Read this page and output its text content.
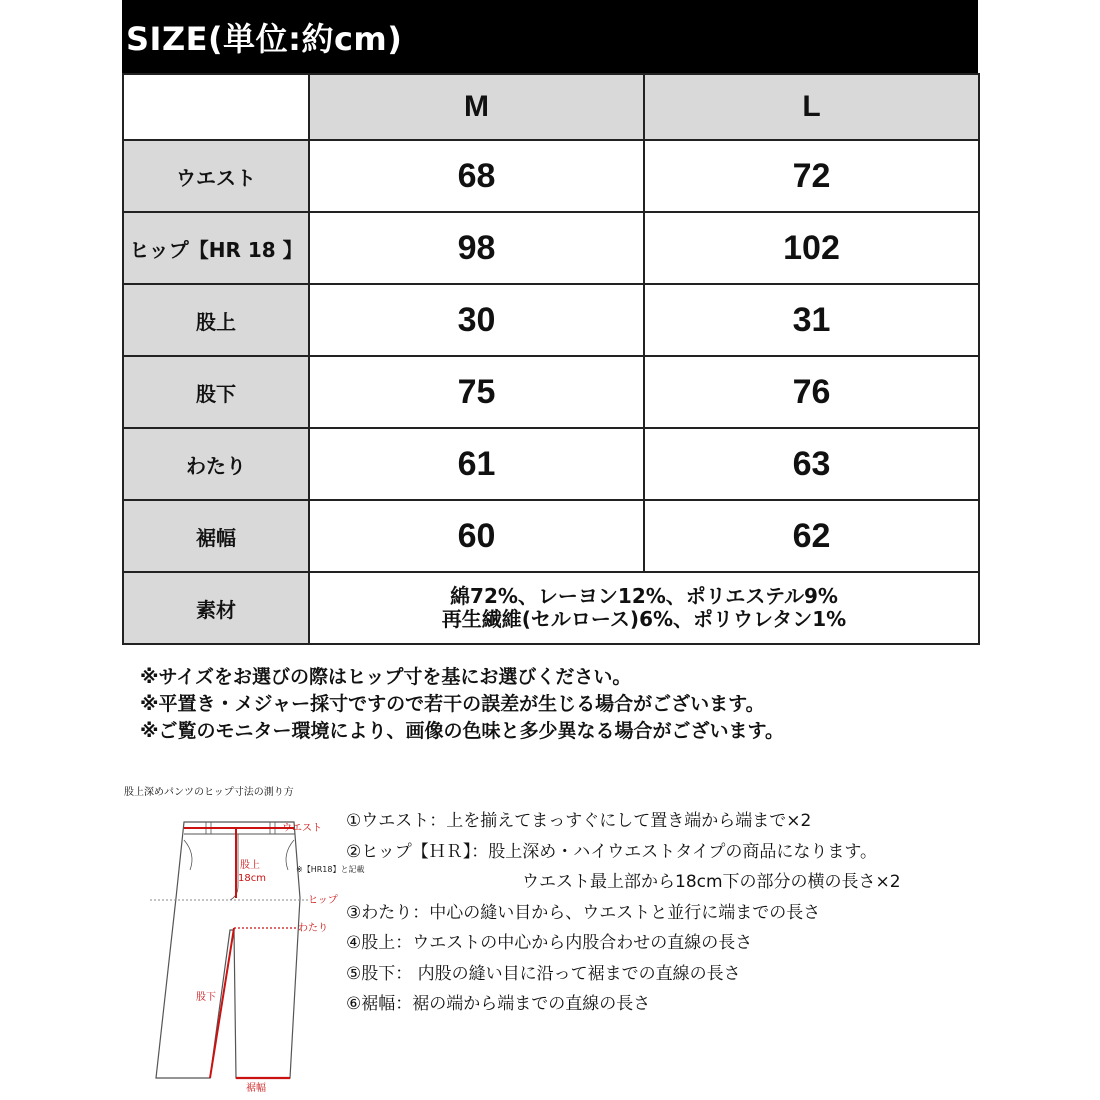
SIZE(単位:約cm)
	M	L
ウエスト	68	72
ヒップ【HR 18 】	98	102
股上	30	31
股下	75	76
わたり	61	63
裾幅	60	62
素材	綿72%、レーヨン12%、ポリエステル9%
再生繊維(セルロース)6%、ポリウレタン1%	
※サイズをお選びの際はヒップ寸を基にお選びください。
※平置き・メジャー採寸ですので若干の誤差が生じる場合がございます。
※ご覧のモニター環境により、画像の色味と多少異なる場合がございます。
股上深めパンツのヒップ寸法の測り方
ウエスト
股上
18cm
※【HR18】と記載
ヒップ
わたり
股下
裾幅
①ウエスト：上を揃えてまっすぐにして置き端から端まで×2
②ヒップ【ＨＲ】：股上深め・ハイウエストタイプの商品になります。
ウエスト最上部から18cm下の部分の横の長さ×2
③わたり：中心の縫い目から、ウエストと並行に端までの長さ
④股上：ウエストの中心から内股合わせの直線の長さ
⑤股下： 内股の縫い目に沿って裾までの直線の長さ
⑥裾幅：裾の端から端までの直線の長さ
